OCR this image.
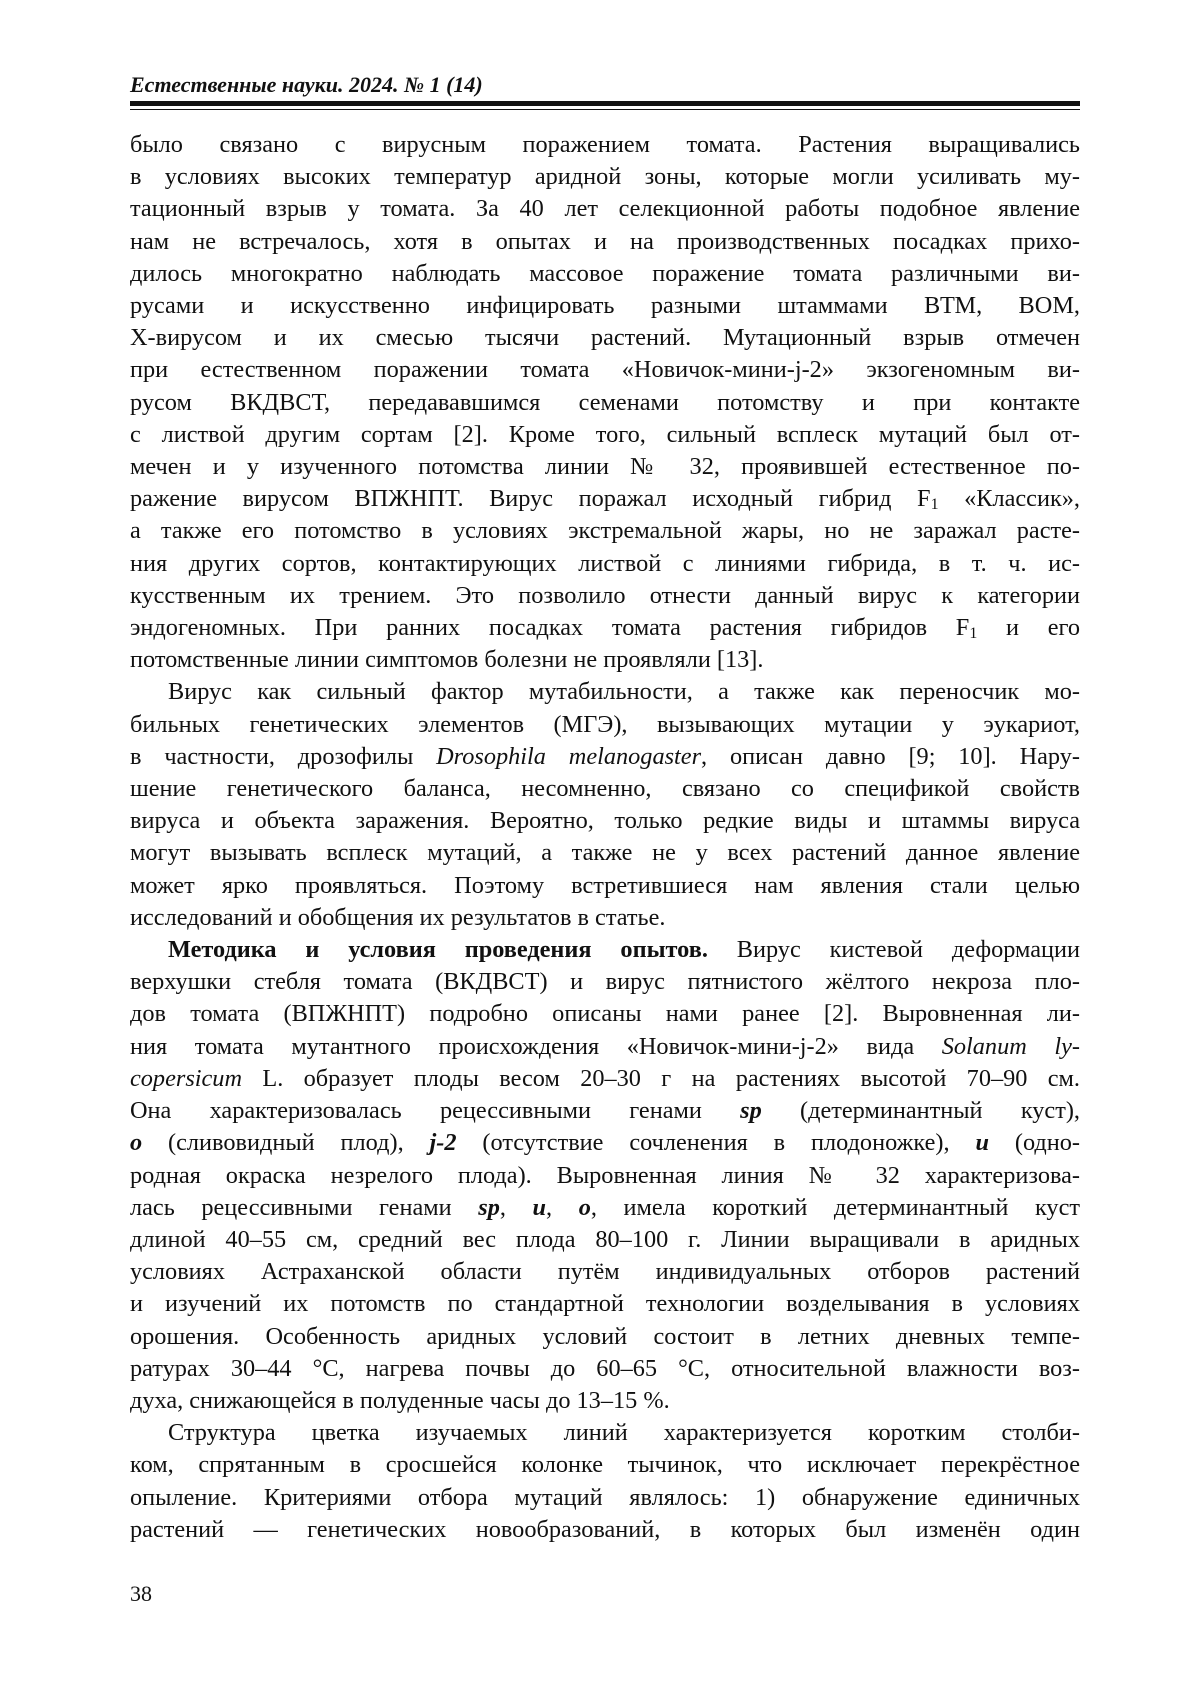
Естественные науки. 2024. № 1 (14)

было связано с вирусным поражением томата. Растения выращивались
в условиях высоких температур аридной зоны, которые могли усиливать му-
тационный взрыв у томата. За 40 лет селекционной работы подобное явление
нам не встречалось, хотя в опытах и на производственных посадках прихо-
дилось многократно наблюдать массовое поражение томата различными ви-
русами и искусственно инфицировать разными штаммами ВТМ, ВОМ,
Х-вирусом и их смесью тысячи растений. Мутационный взрыв отмечен
при естественном поражении томата «Новичок-мини-j-2» экзогеномным ви-
русом ВКДВСТ, передававшимся семенами потомству и при контакте
с листвой другим сортам [2]. Кроме того, сильный всплеск мутаций был от-
мечен и у изученного потомства линии № 32, проявившей естественное по-
ражение вирусом ВПЖНПТ. Вирус поражал исходный гибрид $F_1$ «Классик»,
а также его потомство в условиях экстремальной жары, но не заражал расте-
ния других сортов, контактирующих листвой с линиями гибрида, в т. ч. ис-
кусственным их трением. Это позволило отнести данный вирус к категории
эндогеномных. При ранних посадках томата растения гибридов $F_1$ и его
потомственные линии симптомов болезни не проявляли [13].

Вирус как сильный фактор мутабильности, а также как переносчик мо-
бильных генетических элементов (МГЭ), вызывающих мутации у эукариот,
в частности, дрозофилы Drosophila melanogaster, описан давно [9; 10]. Нару-
шение генетического баланса, несомненно, связано со спецификой свойств
вируса и объекта заражения. Вероятно, только редкие виды и штаммы вируса
могут вызывать всплеск мутаций, а также не у всех растений данное явление
может ярко проявляться. Поэтому встретившиеся нам явления стали целью
исследований и обобщения их результатов в статье.

Методика и условия проведения опытов. Вирус кистевой деформации
верхушки стебля томата (ВКДВСТ) и вирус пятнистого жёлтого некроза пло-
дов томата (ВПЖНПТ) подробно описаны нами ранее [2]. Выровненная ли-
ния томата мутантного происхождения «Новичок-мини-j-2» вида Solanum ly-
copersicum L. образует плоды весом 20–30 г на растениях высотой 70–90 см.
Она характеризовалась рецессивными генами sp (детерминантный куст),
o (сливовидный плод), j-2 (отсутствие сочленения в плодоножке), u (одно-
родная окраска незрелого плода). Выровненная линия № 32 характеризова-
лась рецессивными генами sp, u, o, имела короткий детерминантный куст
длиной 40–55 см, средний вес плода 80–100 г. Линии выращивали в аридных
условиях Астраханской области путём индивидуальных отборов растений
и изучений их потомств по стандартной технологии возделывания в условиях
орошения. Особенность аридных условий состоит в летних дневных темпе-
ратурах 30–44 °С, нагрева почвы до 60–65 °С, относительной влажности воз-
духа, снижающейся в полуденные часы до 13–15 %.

Структура цветка изучаемых линий характеризуется коротким столби-
ком, спрятанным в сросшейся колонке тычинок, что исключает перекрёстное
опыление. Критериями отбора мутаций являлось: 1) обнаружение единичных
растений — генетических новообразований, в которых был изменён один

38
